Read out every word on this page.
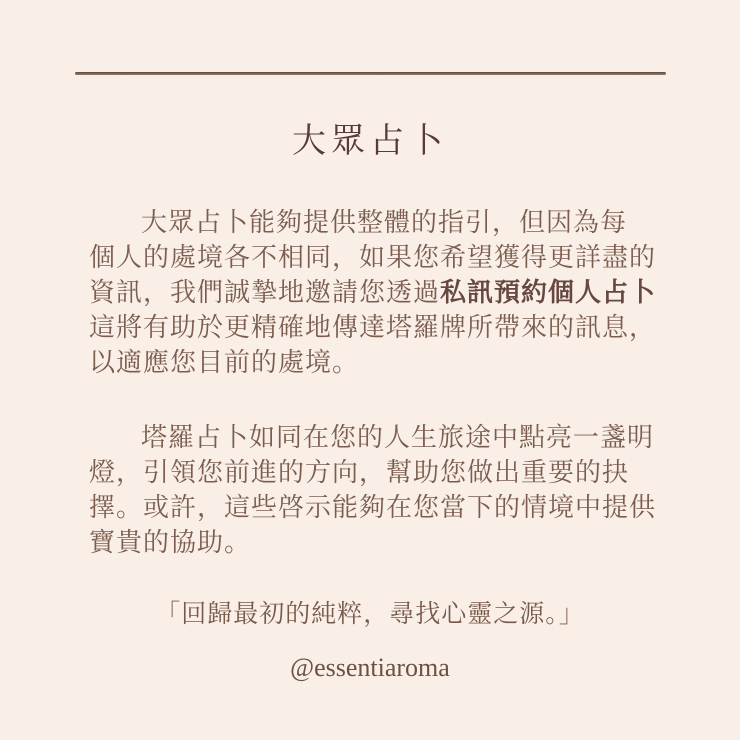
大眾占卜
大眾占卜能夠提供整體的指引，但因為每
個人的處境各不相同，如果您希望獲得更詳盡的
資訊，我們誠摯地邀請您透過私訊預約個人占卜
這將有助於更精確地傳達塔羅牌所帶來的訊息，
以適應您目前的處境。
塔羅占卜如同在您的人生旅途中點亮一盞明
燈，引領您前進的方向，幫助您做出重要的抉
擇。或許，這些啓示能夠在您當下的情境中提供
寶貴的協助。
「回歸最初的純粹，尋找心靈之源。」
@essentiaroma
